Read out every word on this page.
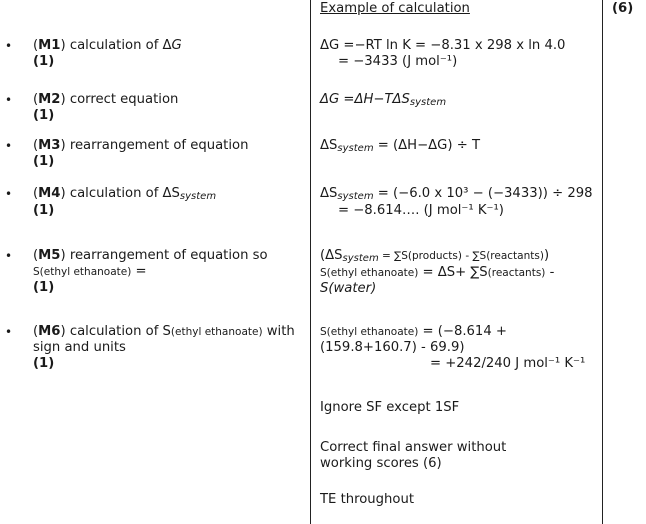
Example of calculation	(6)
• (M1) calculation of ΔG
(1)
• (M2) correct equation
(1)
• (M3) rearrangement of equation
(1)
• (M4) calculation of ΔSsystem
(1)
• (M5) rearrangement of equation so
S(ethyl ethanoate) =
(1)
• (M6) calculation of S(ethyl ethanoate) with
sign and units
(1)
ΔG =−RT ln K = −8.31 x 298 x ln 4.0
= −3433 (J mol⁻¹)
ΔG =ΔH−TΔSsystem
ΔSsystem = (ΔH−ΔG) ÷ T
ΔSsystem = (−6.0 x 10³ − (−3433)) ÷ 298
= −8.614…. (J mol⁻¹ K⁻¹)
(ΔSsystem = ∑S(products) - ∑S(reactants))
S(ethyl ethanoate) = ΔS+ ∑S(reactants) -
S(water)
S(ethyl ethanoate) = (−8.614 +
(159.8+160.7) - 69.9)
= +242/240 J mol⁻¹ K⁻¹
Ignore SF except 1SF
Correct final answer without
working scores (6)
TE throughout
